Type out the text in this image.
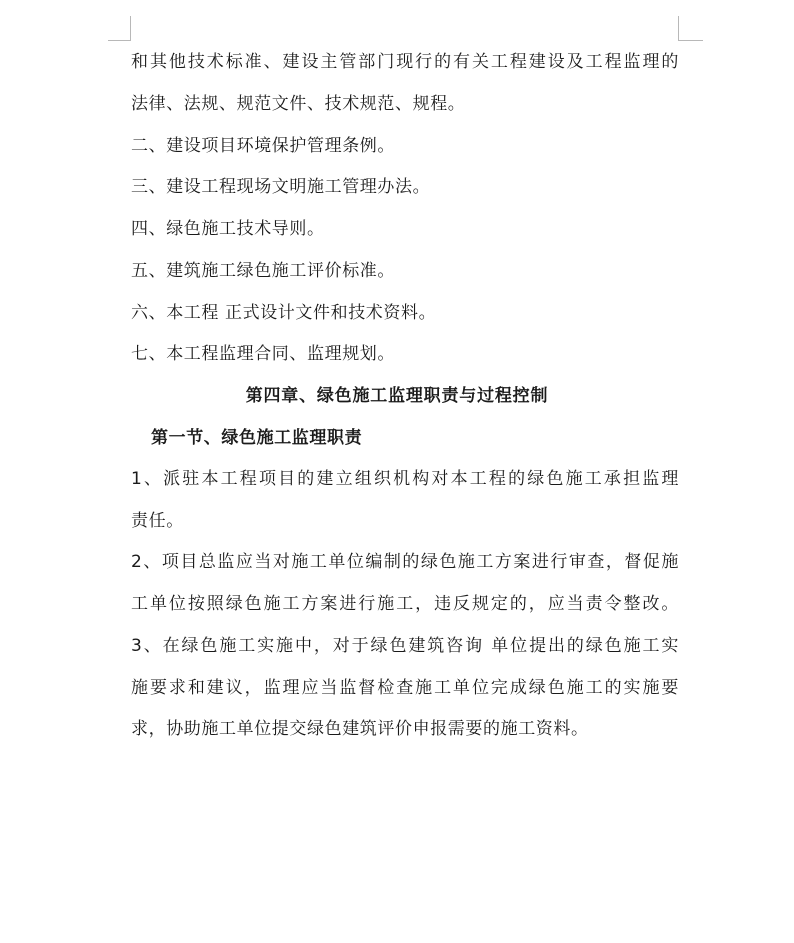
和其他技术标准、建设主管部门现行的有关工程建设及工程监理的
法律、法规、规范文件、技术规范、规程。
二、建设项目环境保护管理条例。
三、建设工程现场文明施工管理办法。
四、绿色施工技术导则。
五、建筑施工绿色施工评价标准。
六、本工程 正式设计文件和技术资料。
七、本工程监理合同、监理规划。
第四章、绿色施工监理职责与过程控制
第一节、绿色施工监理职责
1、派驻本工程项目的建立组织机构对本工程的绿色施工承担监理
责任。
2、项目总监应当对施工单位编制的绿色施工方案进行审查，督促施
工单位按照绿色施工方案进行施工，违反规定的，应当责令整改。
3、在绿色施工实施中，对于绿色建筑咨询 单位提出的绿色施工实
施要求和建议，监理应当监督检查施工单位完成绿色施工的实施要
求，协助施工单位提交绿色建筑评价申报需要的施工资料。
